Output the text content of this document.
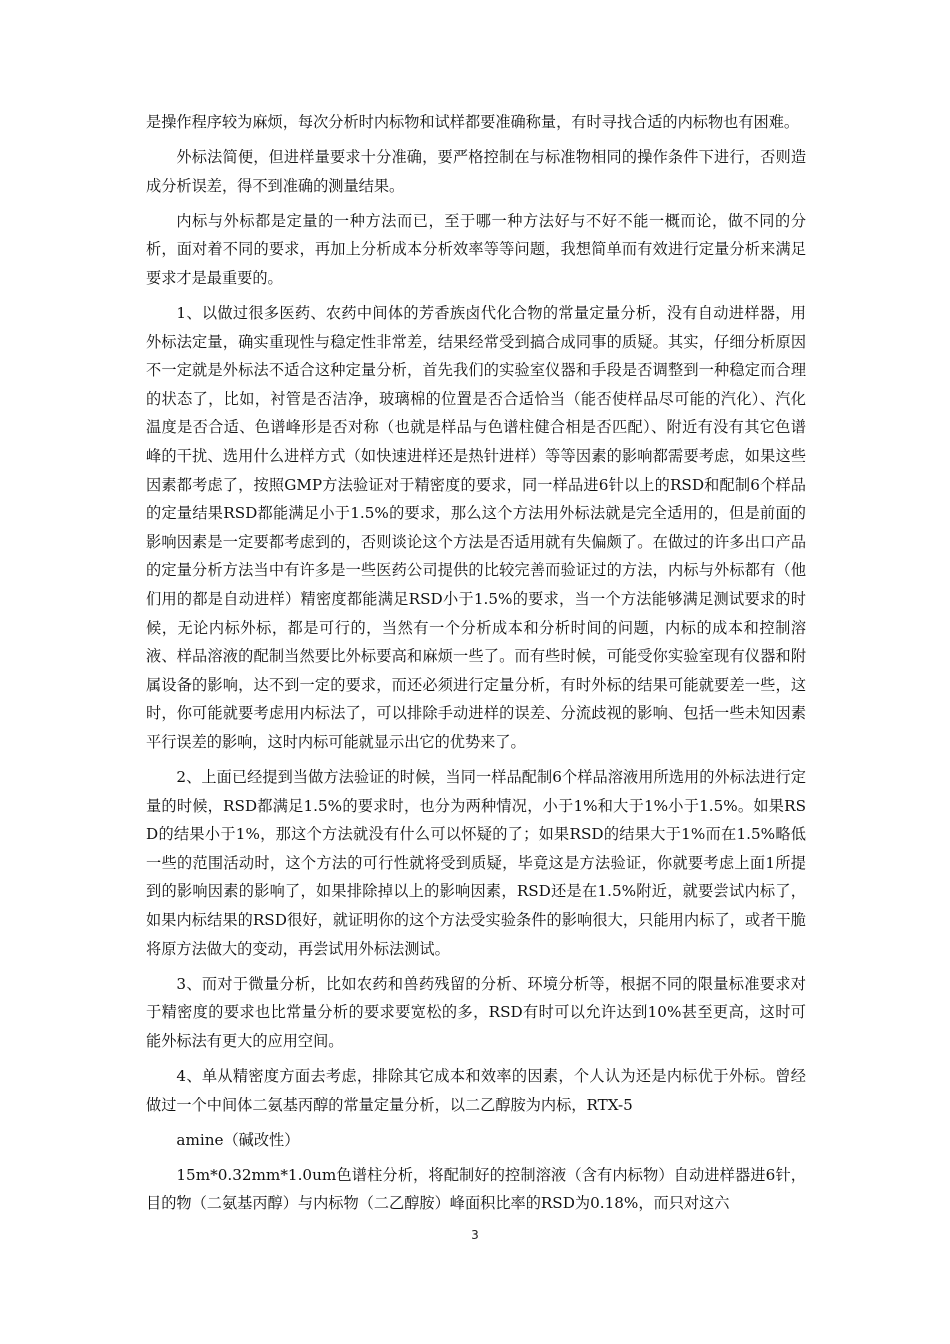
是操作程序较为麻烦，每次分析时内标物和试样都要准确称量，有时寻找合适的内标物也有困难。

外标法简便，但进样量要求十分准确，要严格控制在与标准物相同的操作条件下进行，否则造成分析误差，得不到准确的测量结果。

内标与外标都是定量的一种方法而已，至于哪一种方法好与不好不能一概而论，做不同的分析，面对着不同的要求，再加上分析成本分析效率等等问题，我想简单而有效进行定量分析来满足要求才是最重要的。

1、以做过很多医药、农药中间体的芳香族卤代化合物的常量定量分析，没有自动进样器，用外标法定量，确实重现性与稳定性非常差，结果经常受到搞合成同事的质疑。其实，仔细分析原因不一定就是外标法不适合这种定量分析，首先我们的实验室仪器和手段是否调整到一种稳定而合理的状态了，比如，衬管是否洁净，玻璃棉的位置是否合适恰当（能否使样品尽可能的汽化）、汽化温度是否合适、色谱峰形是否对称（也就是样品与色谱柱健合相是否匹配）、附近有没有其它色谱峰的干扰、选用什么进样方式（如快速进样还是热针进样）等等因素的影响都需要考虑，如果这些因素都考虑了，按照GMP方法验证对于精密度的要求，同一样品进6针以上的RSD和配制6个样品的定量结果RSD都能满足小于1.5%的要求，那么这个方法用外标法就是完全适用的，但是前面的影响因素是一定要都考虑到的，否则谈论这个方法是否适用就有失偏颇了。在做过的许多出口产品的定量分析方法当中有许多是一些医药公司提供的比较完善而验证过的方法，内标与外标都有（他们用的都是自动进样）精密度都能满足RSD小于1.5%的要求，当一个方法能够满足测试要求的时候，无论内标外标，都是可行的，当然有一个分析成本和分析时间的问题，内标的成本和控制溶液、样品溶液的配制当然要比外标要高和麻烦一些了。而有些时候，可能受你实验室现有仪器和附属设备的影响，达不到一定的要求，而还必须进行定量分析，有时外标的结果可能就要差一些，这时，你可能就要考虑用内标法了，可以排除手动进样的误差、分流歧视的影响、包括一些未知因素平行误差的影响，这时内标可能就显示出它的优势来了。

2、上面已经提到当做方法验证的时候，当同一样品配制6个样品溶液用所选用的外标法进行定量的时候，RSD都满足1.5%的要求时，也分为两种情况，小于1%和大于1%小于1.5%。如果RSD的结果小于1%，那这个方法就没有什么可以怀疑的了；如果RSD的结果大于1%而在1.5%略低一些的范围活动时，这个方法的可行性就将受到质疑，毕竟这是方法验证，你就要考虑上面1所提到的影响因素的影响了，如果排除掉以上的影响因素，RSD还是在1.5%附近，就要尝试内标了，如果内标结果的RSD很好，就证明你的这个方法受实验条件的影响很大，只能用内标了，或者干脆将原方法做大的变动，再尝试用外标法测试。

3、而对于微量分析，比如农药和兽药残留的分析、环境分析等，根据不同的限量标准要求对于精密度的要求也比常量分析的要求要宽松的多，RSD有时可以允许达到10%甚至更高，这时可能外标法有更大的应用空间。

4、单从精密度方面去考虑，排除其它成本和效率的因素，个人认为还是内标优于外标。曾经做过一个中间体二氨基丙醇的常量定量分析，以二乙醇胺为内标，RTX-5

amine（碱改性）

15m*0.32mm*1.0um色谱柱分析，将配制好的控制溶液（含有内标物）自动进样器进6针，目的物（二氨基丙醇）与内标物（二乙醇胺）峰面积比率的RSD为0.18%，而只对这六

3
